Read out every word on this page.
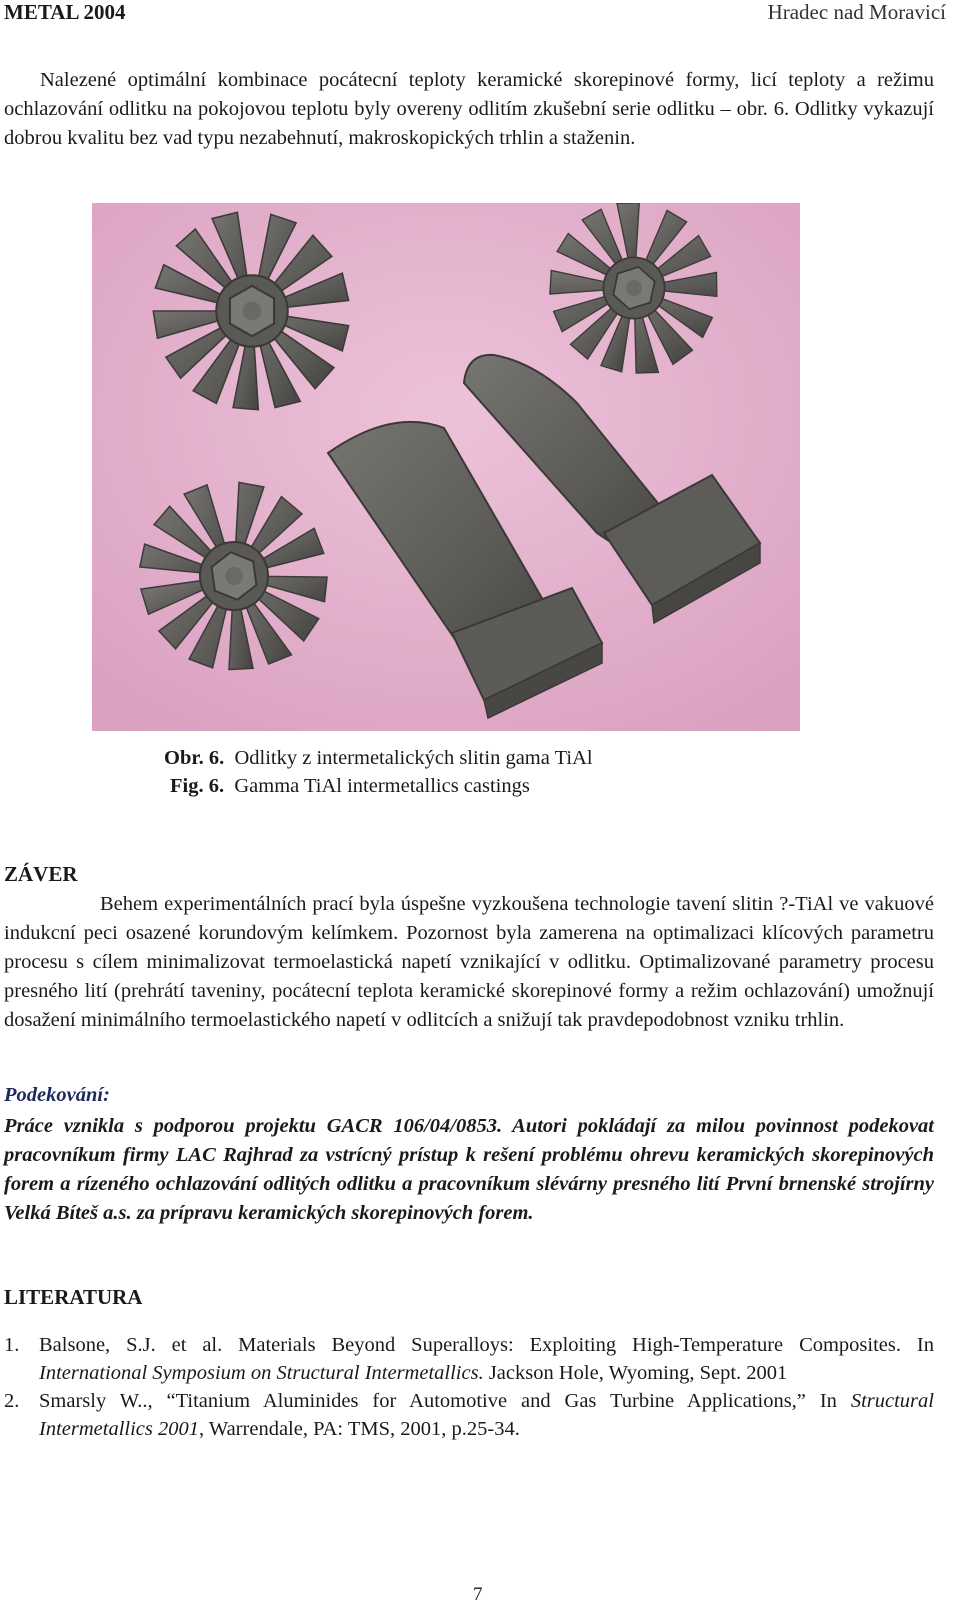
METAL 2004	Hradec nad Moravicí

Nalezené optimální kombinace pocátecní teploty keramické skorepinové formy, licí teploty a režimu ochlazování odlitku na pokojovou teplotu byly overeny odlitím zkušební serie odlitku – obr. 6. Odlitky vykazují dobrou kvalitu bez vad typu nezabehnutí, makroskopických trhlin a staženin.

Obr. 6. Odlitky z intermetalických slitin gama TiAl
Fig. 6. Gamma TiAl intermetallics castings
ZÁVER

Behem experimentálních prací byla úspešne vyzkoušena technologie tavení slitin ?-TiAl ve vakuové indukcní peci osazené korundovým kelímkem. Pozornost byla zamerena na optimalizaci klícových parametru procesu s cílem minimalizovat termoelastická napetí vznikající v odlitku. Optimalizované parametry procesu presného lití (prehrátí taveniny, pocátecní teplota keramické skorepinové formy a režim ochlazování) umožnují dosažení minimálního termoelastického napetí v odlitcích a snižují tak pravdepodobnost vzniku trhlin.

Podekování:

Práce vznikla s podporou projektu GACR 106/04/0853. Autori pokládají za milou povinnost podekovat pracovníkum firmy LAC Rajhrad za vstrícný prístup k rešení problému ohrevu keramických skorepinových forem a rízeného ochlazování odlitých odlitku a pracovníkum slévárny presného lití První brnenské strojírny Velká Bíteš a.s. za prípravu keramických skorepinových forem.

LITERATURA
1. Balsone, S.J. et al. Materials Beyond Superalloys: Exploiting High-Temperature Composites. In International Symposium on Structural Intermetallics. Jackson Hole, Wyoming, Sept. 2001
2. Smarsly W.., “Titanium Aluminides for Automotive and Gas Turbine Applications,” In Structural Intermetallics 2001, Warrendale, PA: TMS, 2001, p.25-34.
7
